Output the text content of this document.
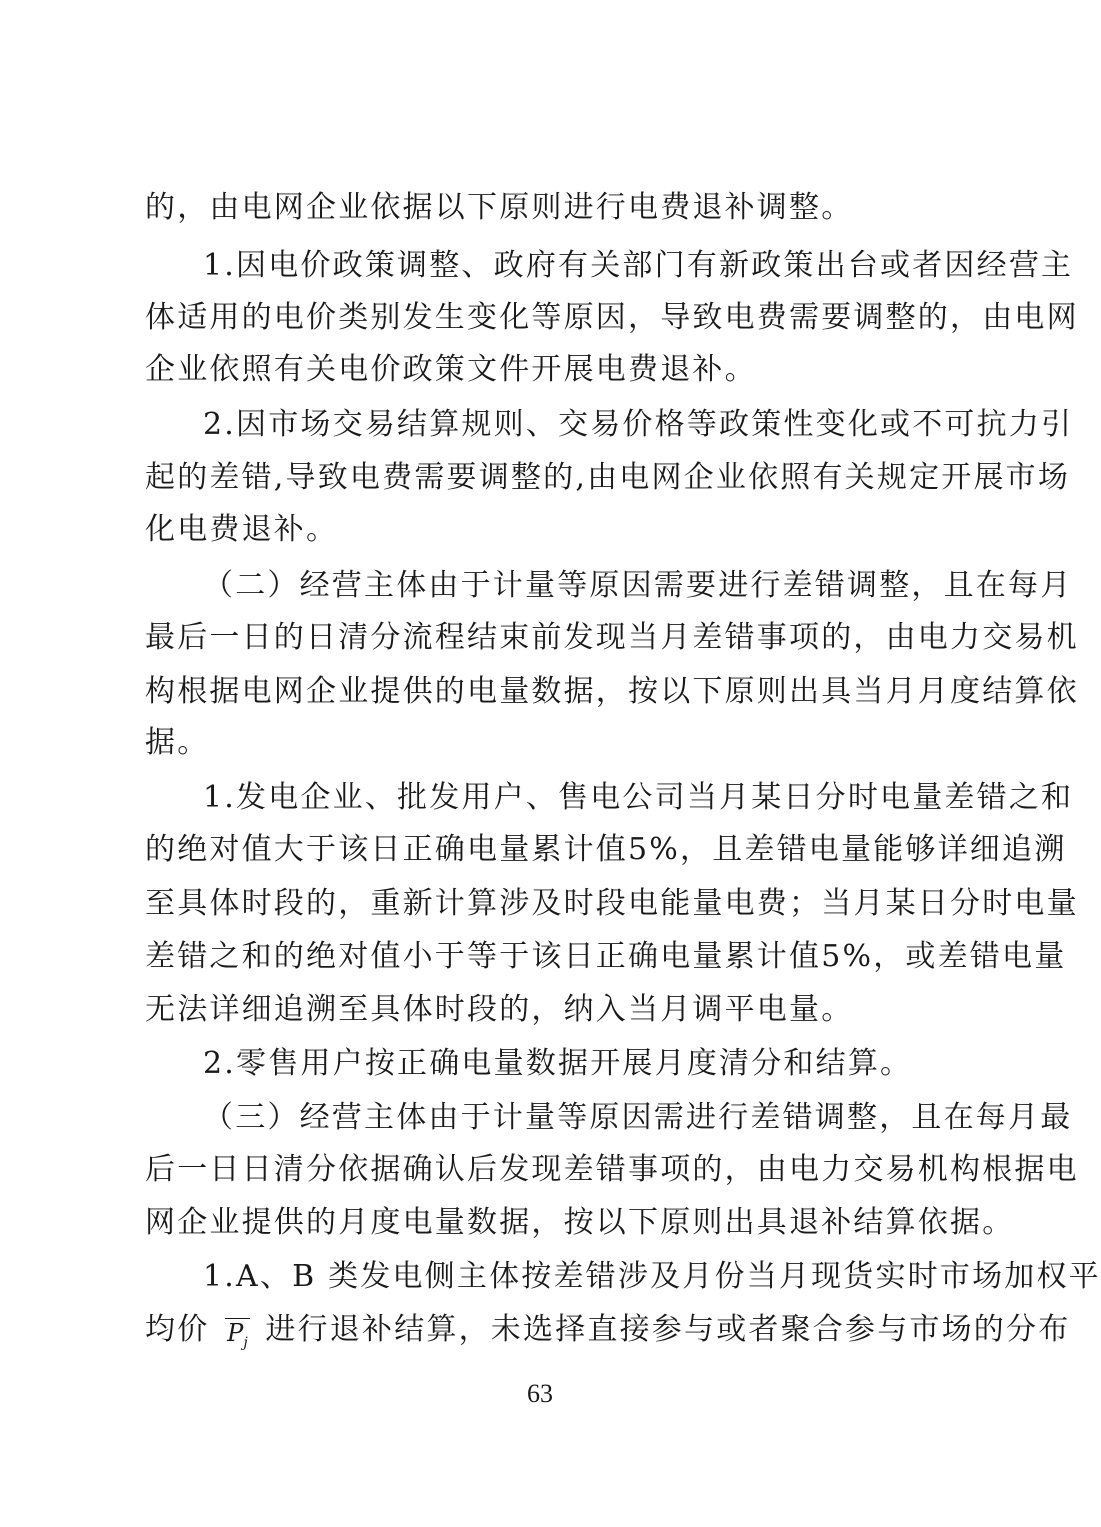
的，由电网企业依据以下原则进行电费退补调整。
1.因电价政策调整、政府有关部门有新政策出台或者因经营主
体适用的电价类别发生变化等原因，导致电费需要调整的，由电网
企业依照有关电价政策文件开展电费退补。
2.因市场交易结算规则、交易价格等政策性变化或不可抗力引
起的差错,导致电费需要调整的,由电网企业依照有关规定开展市场
化电费退补。
（二）经营主体由于计量等原因需要进行差错调整，且在每月
最后一日的日清分流程结束前发现当月差错事项的，由电力交易机
构根据电网企业提供的电量数据，按以下原则出具当月月度结算依
据。
1.发电企业、批发用户、售电公司当月某日分时电量差错之和
的绝对值大于该日正确电量累计值5%，且差错电量能够详细追溯
至具体时段的，重新计算涉及时段电能量电费；当月某日分时电量
差错之和的绝对值小于等于该日正确电量累计值5%，或差错电量
无法详细追溯至具体时段的，纳入当月调平电量。
2.零售用户按正确电量数据开展月度清分和结算。
（三）经营主体由于计量等原因需进行差错调整，且在每月最
后一日日清分依据确认后发现差错事项的，由电力交易机构根据电
网企业提供的月度电量数据，按以下原则出具退补结算依据。
1.A、B 类发电侧主体按差错涉及月份当月现货实时市场加权平
均价 $P_j$ 进行退补结算，未选择直接参与或者聚合参与市场的分布
63
